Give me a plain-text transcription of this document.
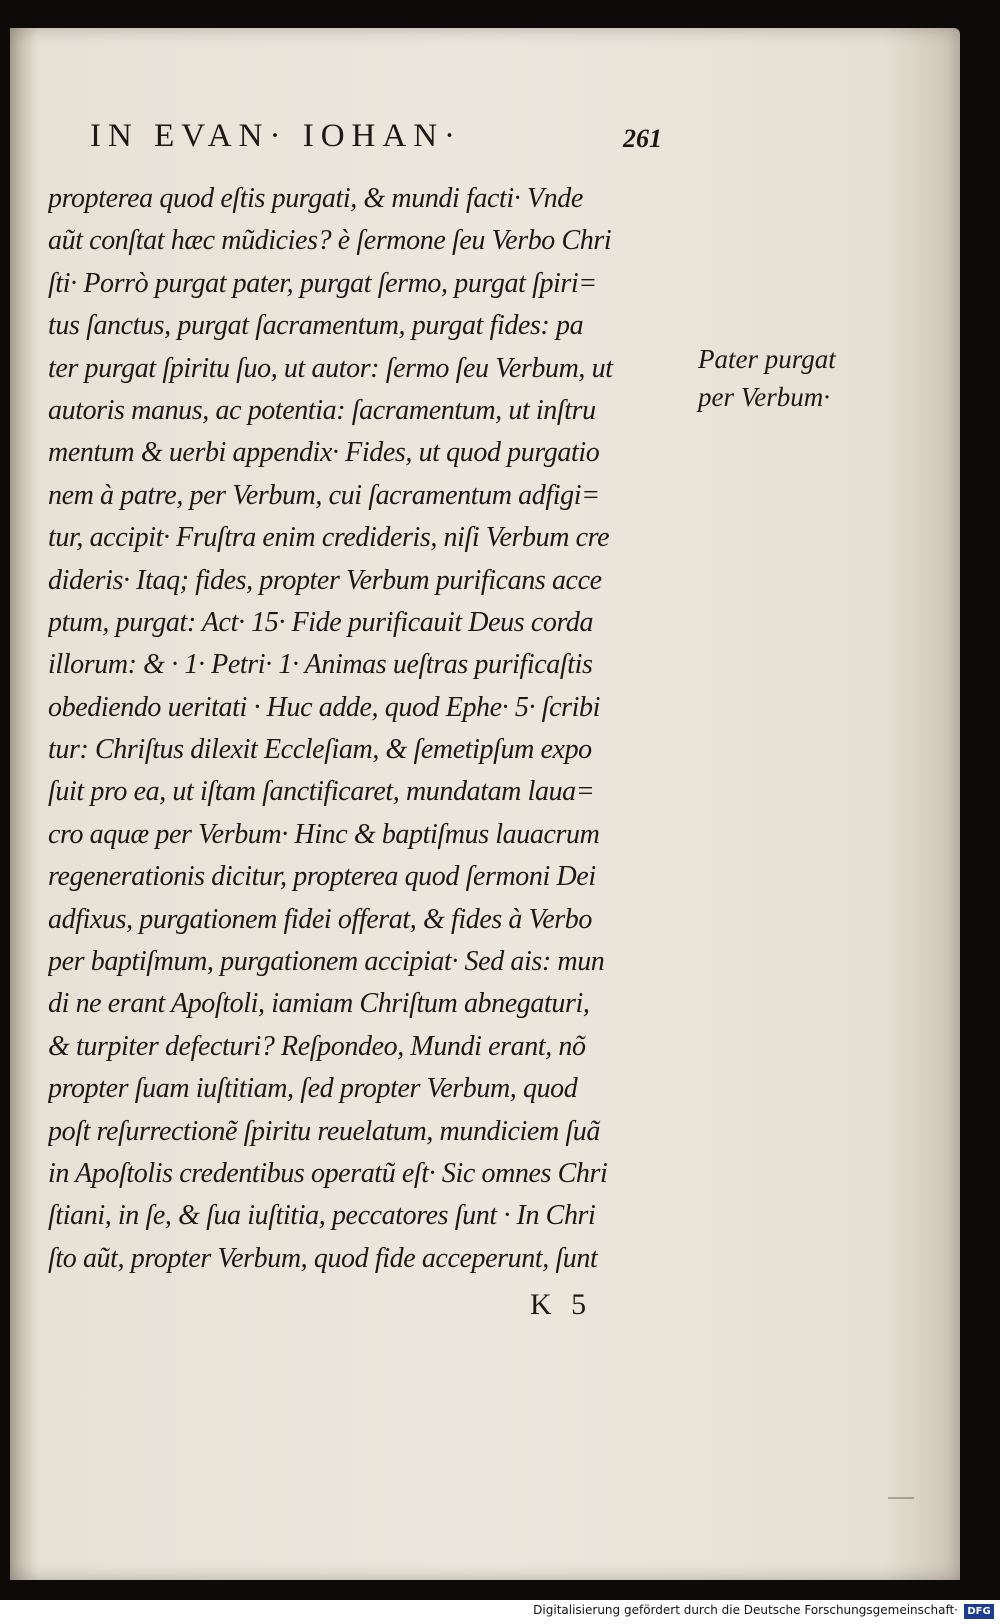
IN EVAN· IOHAN·	261
propterea quod eſtis purgati, & mundi facti· Vnde
aũt conſtat hæc mũdicies? è ſermone ſeu Verbo Chri
ſti· Porrò purgat pater, purgat ſermo, purgat ſpiri=
tus ſanctus, purgat ſacramentum, purgat fides: pa
ter purgat ſpiritu ſuo, ut autor: ſermo ſeu Verbum, ut
autoris manus, ac potentia: ſacramentum, ut inſtru
mentum & uerbi appendix· Fides, ut quod purgatio
nem à patre, per Verbum, cui ſacramentum adfigi=
tur, accipit· Fruſtra enim credideris, niſi Verbum cre
dideris· Itaq; fides, propter Verbum purificans acce
ptum, purgat: Act· 15· Fide purificauit Deus corda
illorum: & · 1· Petri· 1· Animas ueſtras purificaſtis
obediendo ueritati · Huc adde, quod Ephe· 5· ſcribi
tur: Chriſtus dilexit Eccleſiam, & ſemetipſum expo
ſuit pro ea, ut iſtam ſanctificaret, mundatam laua=
cro aquæ per Verbum· Hinc & baptiſmus lauacrum
regenerationis dicitur, propterea quod ſermoni Dei
adfixus, purgationem fidei offerat, & fides à Verbo
per baptiſmum, purgationem accipiat· Sed ais: mun
di ne erant Apoſtoli, iamiam Chriſtum abnegaturi,
& turpiter defecturi? Reſpondeo, Mundi erant, nõ
propter ſuam iuſtitiam, ſed propter Verbum, quod
poſt reſurrectionẽ ſpiritu reuelatum, mundiciem ſuã
in Apoſtolis credentibus operatũ eſt· Sic omnes Chri
ſtiani, in ſe, & ſua iuſtitia, peccatores ſunt · In Chri
ſto aũt, propter Verbum, quod fide acceperunt, ſunt
Pater purgat
per Verbum·
K 5
Digitalisierung gefördert durch die Deutsche Forschungsgemeinschaft· DFG
